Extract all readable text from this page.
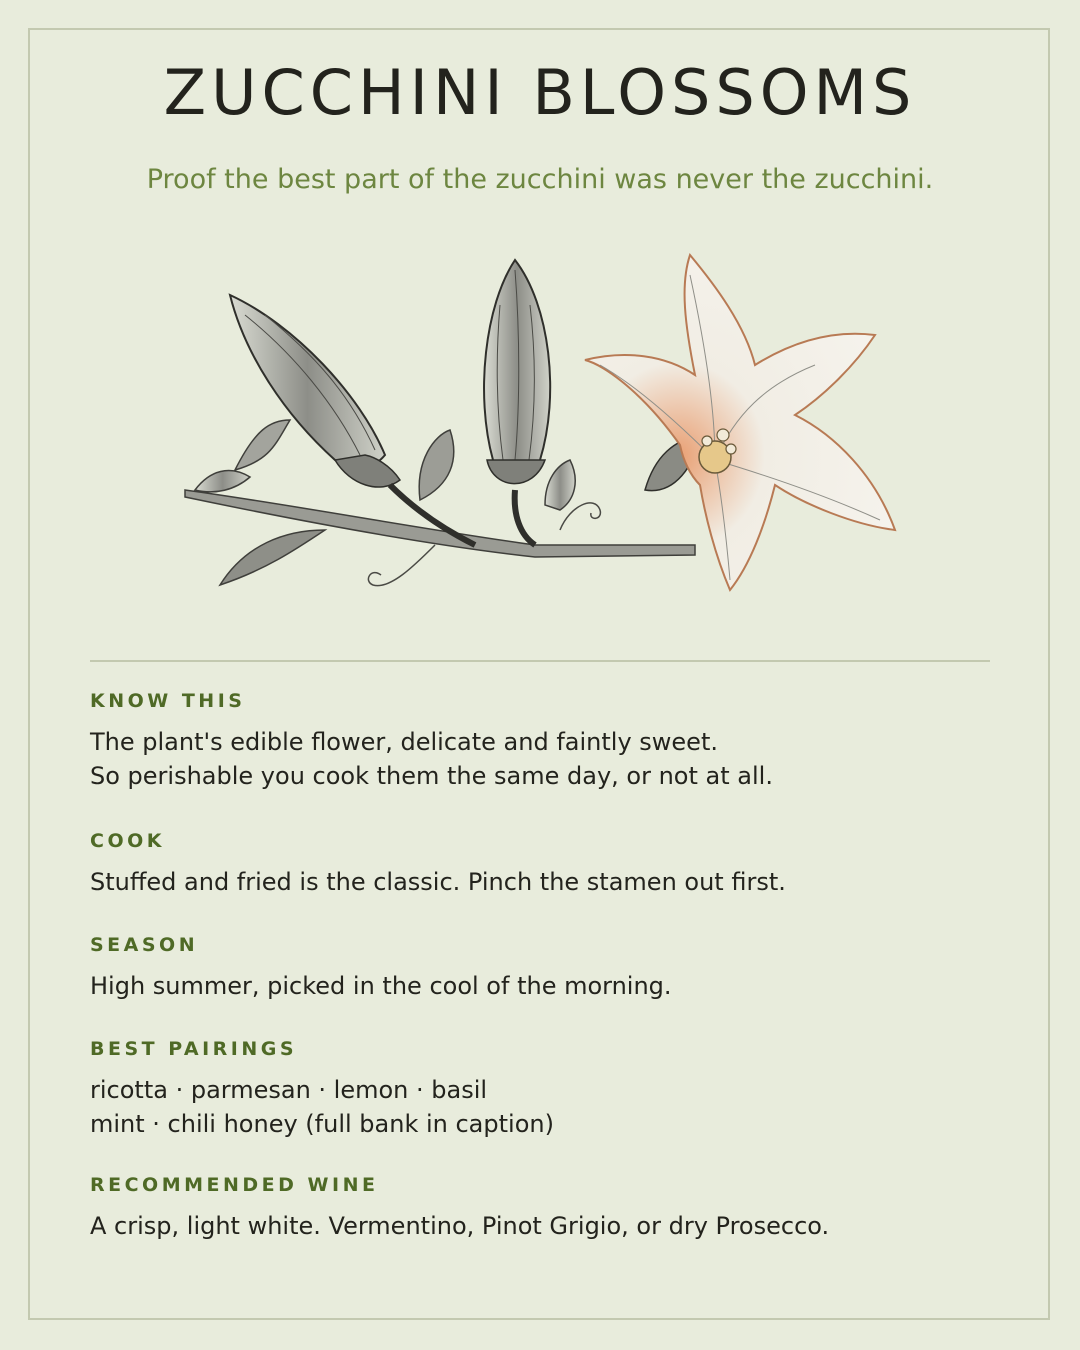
ZUCCHINI BLOSSOMS
Proof the best part of the zucchini was never the zucchini.
KNOW THIS
The plant's edible flower, delicate and faintly sweet.
So perishable you cook them the same day, or not at all.
COOK
Stuffed and fried is the classic. Pinch the stamen out first.
SEASON
High summer, picked in the cool of the morning.
BEST PAIRINGS
ricotta · parmesan · lemon · basil
mint · chili honey (full bank in caption)
RECOMMENDED WINE
A crisp, light white. Vermentino, Pinot Grigio, or dry Prosecco.
